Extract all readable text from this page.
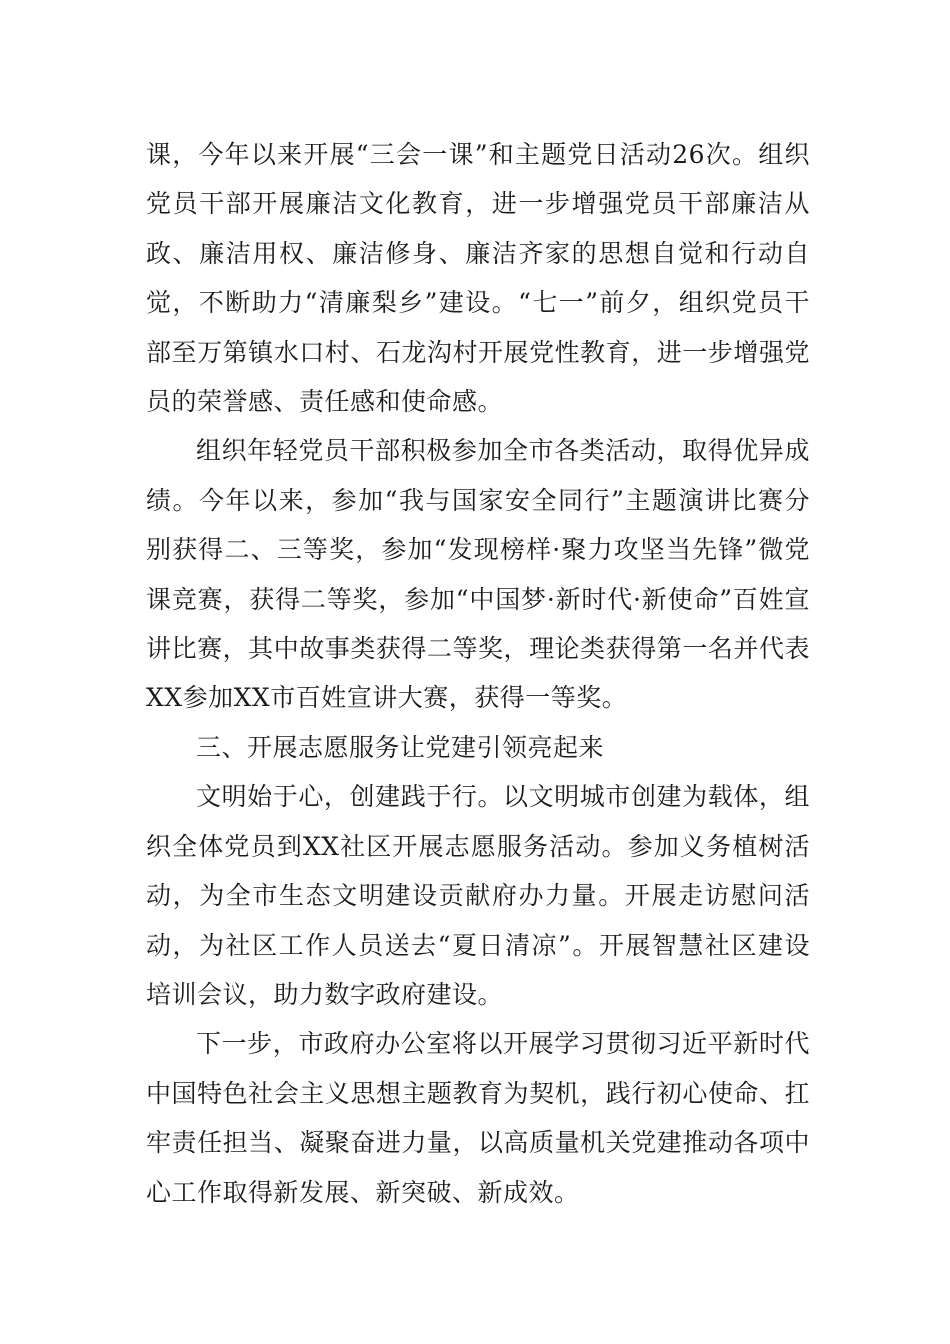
课，今年以来开展“三会一课”和主题党日活动26次。组织党员干部开展廉洁文化教育，进一步增强党员干部廉洁从政、廉洁用权、廉洁修身、廉洁齐家的思想自觉和行动自觉，不断助力“清廉梨乡”建设。“七一”前夕，组织党员干部至万第镇水口村、石龙沟村开展党性教育，进一步增强党员的荣誉感、责任感和使命感。

组织年轻党员干部积极参加全市各类活动，取得优异成绩。今年以来，参加“我与国家安全同行”主题演讲比赛分别获得二、三等奖，参加“发现榜样·聚力攻坚当先锋”微党课竞赛，获得二等奖，参加“中国梦·新时代·新使命”百姓宣讲比赛，其中故事类获得二等奖，理论类获得第一名并代表XX参加XX市百姓宣讲大赛，获得一等奖。

三、开展志愿服务让党建引领亮起来

文明始于心，创建践于行。以文明城市创建为载体，组织全体党员到XX社区开展志愿服务活动。参加义务植树活动，为全市生态文明建设贡献府办力量。开展走访慰问活动，为社区工作人员送去“夏日清凉”。开展智慧社区建设培训会议，助力数字政府建设。

下一步，市政府办公室将以开展学习贯彻习近平新时代中国特色社会主义思想主题教育为契机，践行初心使命、扛牢责任担当、凝聚奋进力量，以高质量机关党建推动各项中心工作取得新发展、新突破、新成效。
